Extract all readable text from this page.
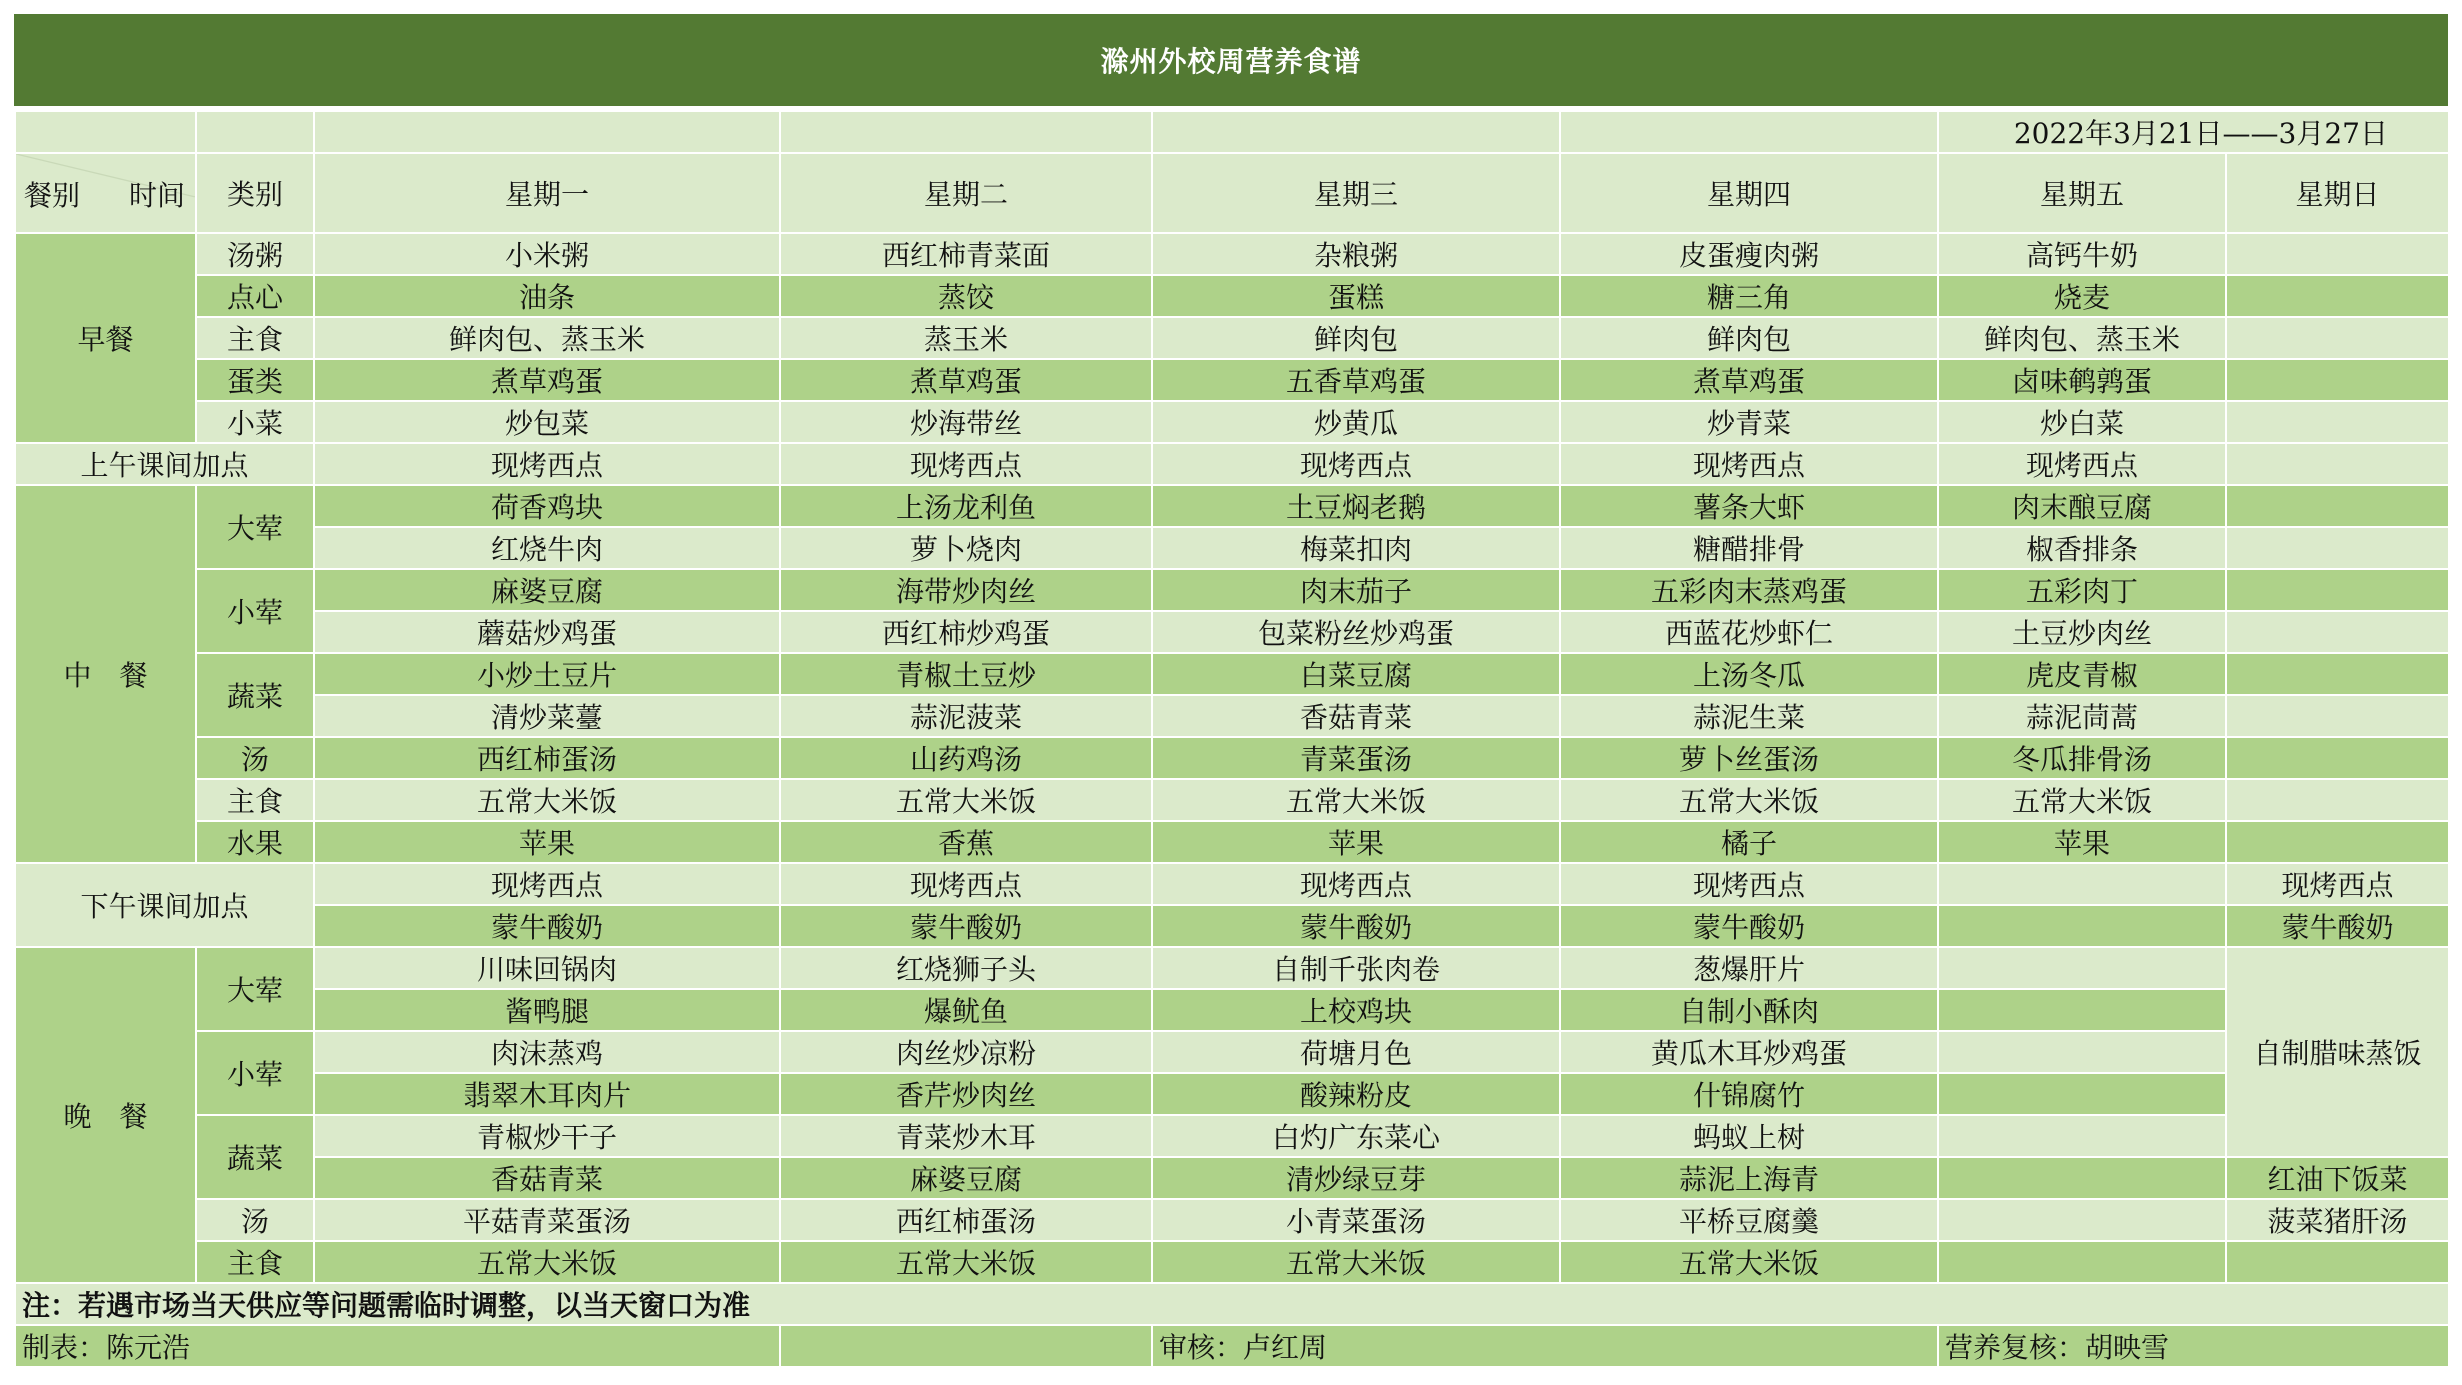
滁州外校周营养食谱
						2022年3月21日——3月27日	

餐别 时间	类别	星期一	星期二	星期三	星期四	星期五	星期日
早餐	汤粥	小米粥	西红柿青菜面	杂粮粥	皮蛋瘦肉粥	高钙牛奶	
	点心	油条	蒸饺	蛋糕	糖三角	烧麦	
	主食	鲜肉包、蒸玉米	蒸玉米	鲜肉包	鲜肉包	鲜肉包、蒸玉米	
	蛋类	煮草鸡蛋	煮草鸡蛋	五香草鸡蛋	煮草鸡蛋	卤味鹌鹑蛋	
	小菜	炒包菜	炒海带丝	炒黄瓜	炒青菜	炒白菜	
上午课间加点		现烤西点	现烤西点	现烤西点	现烤西点	现烤西点	
中　餐	大荤	荷香鸡块	上汤龙利鱼	土豆焖老鹅	薯条大虾	肉末酿豆腐	
		红烧牛肉	萝卜烧肉	梅菜扣肉	糖醋排骨	椒香排条	
	小荤	麻婆豆腐	海带炒肉丝	肉末茄子	五彩肉末蒸鸡蛋	五彩肉丁	
		蘑菇炒鸡蛋	西红柿炒鸡蛋	包菜粉丝炒鸡蛋	西蓝花炒虾仁	土豆炒肉丝	
	蔬菜	小炒土豆片	青椒土豆炒	白菜豆腐	上汤冬瓜	虎皮青椒	
		清炒菜薹	蒜泥菠菜	香菇青菜	蒜泥生菜	蒜泥茼蒿	
	汤	西红柿蛋汤	山药鸡汤	青菜蛋汤	萝卜丝蛋汤	冬瓜排骨汤	
	主食	五常大米饭	五常大米饭	五常大米饭	五常大米饭	五常大米饭	
	水果	苹果	香蕉	苹果	橘子	苹果	
下午课间加点		现烤西点	现烤西点	现烤西点	现烤西点		现烤西点
		蒙牛酸奶	蒙牛酸奶	蒙牛酸奶	蒙牛酸奶		蒙牛酸奶
晚　餐	大荤	川味回锅肉	红烧狮子头	自制千张肉卷	葱爆肝片		自制腊味蒸饭
		酱鸭腿	爆鱿鱼	上校鸡块	自制小酥肉		
	小荤	肉沫蒸鸡	肉丝炒凉粉	荷塘月色	黄瓜木耳炒鸡蛋		
		翡翠木耳肉片	香芹炒肉丝	酸辣粉皮	什锦腐竹		
	蔬菜	青椒炒干子	青菜炒木耳	白灼广东菜心	蚂蚁上树		
		香菇青菜	麻婆豆腐	清炒绿豆芽	蒜泥上海青		红油下饭菜
	汤	平菇青菜蛋汤	西红柿蛋汤	小青菜蛋汤	平桥豆腐羹		菠菜猪肝汤
	主食	五常大米饭	五常大米饭	五常大米饭	五常大米饭		
注：若遇市场当天供应等问题需临时调整，以当天窗口为准							
制表：陈元浩				审核：卢红周		营养复核：胡映雪	
